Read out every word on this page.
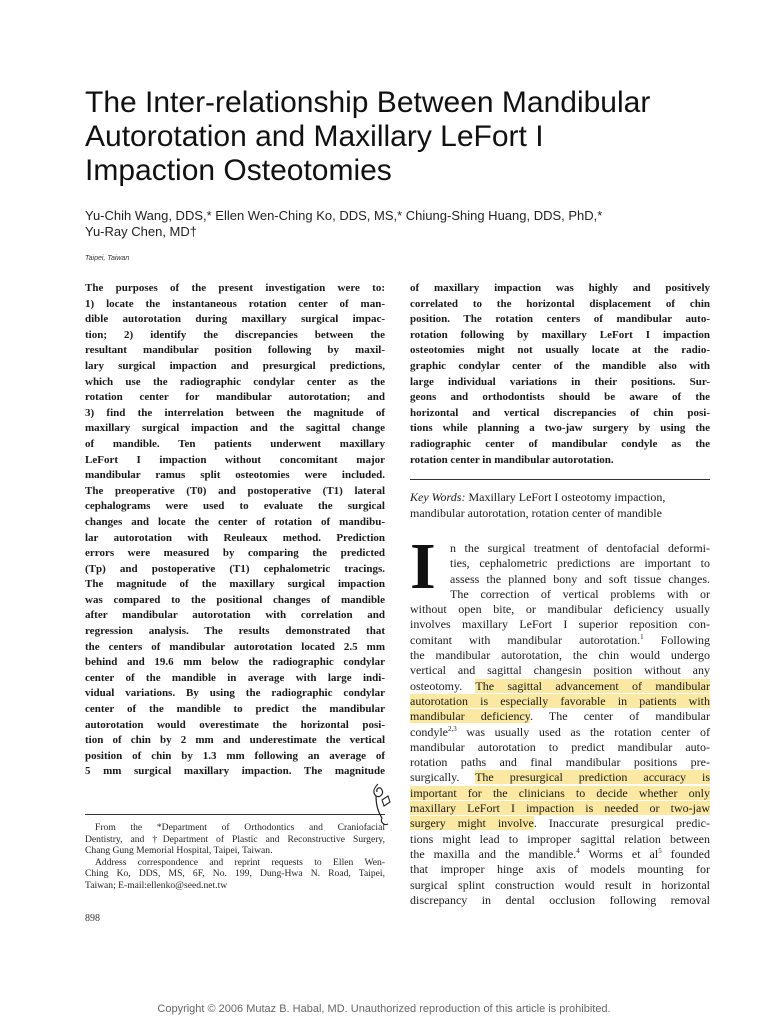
The Inter-relationship Between Mandibular
Autorotation and Maxillary LeFort I
Impaction Osteotomies
Yu-Chih Wang, DDS,* Ellen Wen-Ching Ko, DDS, MS,* Chiung-Shing Huang, DDS, PhD,*
Yu-Ray Chen, MD†
Taipei, Taiwan
The purposes of the present investigation were to:
1) locate the instantaneous rotation center of man-
dible autorotation during maxillary surgical impac-
tion; 2) identify the discrepancies between the
resultant mandibular position following by maxil-
lary surgical impaction and presurgical predictions,
which use the radiographic condylar center as the
rotation center for mandibular autorotation; and
3) find the interrelation between the magnitude of
maxillary surgical impaction and the sagittal change
of mandible. Ten patients underwent maxillary
LeFort I impaction without concomitant major
mandibular ramus split osteotomies were included.
The preoperative (T0) and postoperative (T1) lateral
cephalograms were used to evaluate the surgical
changes and locate the center of rotation of mandibu-
lar autorotation with Reuleaux method. Prediction
errors were measured by comparing the predicted
(Tp) and postoperative (T1) cephalometric tracings.
The magnitude of the maxillary surgical impaction
was compared to the positional changes of mandible
after mandibular autorotation with correlation and
regression analysis. The results demonstrated that
the centers of mandibular autorotation located 2.5 mm
behind and 19.6 mm below the radiographic condylar
center of the mandible in average with large indi-
vidual variations. By using the radiographic condylar
center of the mandible to predict the mandibular
autorotation would overestimate the horizontal posi-
tion of chin by 2 mm and underestimate the vertical
position of chin by 1.3 mm following an average of
5 mm surgical maxillary impaction. The magnitude
of maxillary impaction was highly and positively
correlated to the horizontal displacement of chin
position. The rotation centers of mandibular auto-
rotation following by maxillary LeFort I impaction
osteotomies might not usually locate at the radio-
graphic condylar center of the mandible also with
large individual variations in their positions. Sur-
geons and orthodontists should be aware of the
horizontal and vertical discrepancies of chin posi-
tions while planning a two-jaw surgery by using the
radiographic center of mandibular condyle as the
rotation center in mandibular autorotation.
Key Words: Maxillary LeFort I osteotomy impaction,
mandibular autorotation, rotation center of mandible
I	n the surgical treatment of dentofacial deformi-
ties, cephalometric predictions are important to
assess the planned bony and soft tissue changes.
The correction of vertical problems with or
without open bite, or mandibular deficiency usually
involves maxillary LeFort I superior reposition con-
comitant with mandibular autorotation.$^1$ Following
the mandibular autorotation, the chin would undergo
vertical and sagittal changesin position without any
osteotomy. The sagittal advancement of mandibular
autorotation is especially favorable in patients with
mandibular deficiency. The center of mandibular
condyle$^{2,3}$ was usually used as the rotation center of
mandibular autorotation to predict mandibular auto-
rotation paths and final mandibular positions pre-
surgically. The presurgical prediction accuracy is
important for the clinicians to decide whether only
maxillary LeFort I impaction is needed or two-jaw
surgery might involve. Inaccurate presurgical predic-
tions might lead to improper sagittal relation between
the maxilla and the mandible.$^4$ Worms et $al^5$ founded
that improper hinge axis of models mounting for
surgical splint construction would result in horizontal
discrepancy in dental occlusion following removal
From the *Department of Orthodontics and Craniofacial
Dentistry, and †Department of Plastic and Reconstructive Surgery,
Chang Gung Memorial Hospital, Taipei, Taiwan.
Address correspondence and reprint requests to Ellen Wen-
Ching Ko, DDS, MS, 6F, No. 199, Dung-Hwa N. Road, Taipei,
Taiwan; E-mail:ellenko@seed.net.tw
898
Copyright © 2006 Mutaz B. Habal, MD. Unauthorized reproduction of this article is prohibited.
